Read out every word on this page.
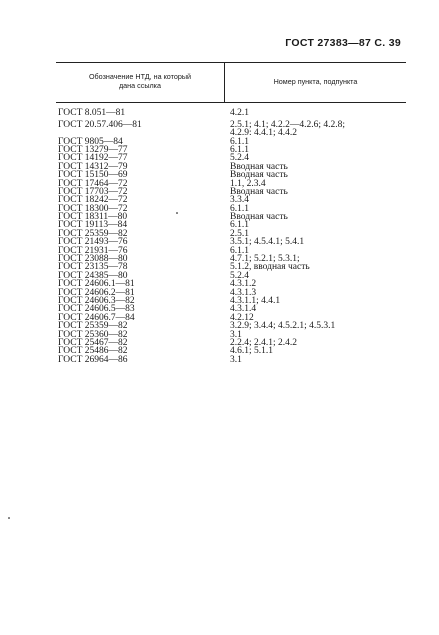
ГОСТ 27383—87 С. 39
Обозначение НТД, на который
дана ссылка	Номер пункта, подпункта
ГОСТ 8.051—81
ГОСТ 20.57.406—81
ГОСТ 9805—84
ГОСТ 13279—77
ГОСТ 14192—77
ГОСТ 14312—79
ГОСТ 15150—69
ГОСТ 17464—72
ГОСТ 17703—72
ГОСТ 18242—72
ГОСТ 18300—72
ГОСТ 18311—80
ГОСТ 19113—84
ГОСТ 25359—82
ГОСТ 21493—76
ГОСТ 21931—76
ГОСТ 23088—80
ГОСТ 23135—78
ГОСТ 24385—80
ГОСТ 24606.1—81
ГОСТ 24606.2—81
ГОСТ 24606.3—82
ГОСТ 24606.5—83
ГОСТ 24606.7—84
ГОСТ 25359—82
ГОСТ 25360—82
ГОСТ 25467—82
ГОСТ 25486—82
ГОСТ 26964—86
4.2.1
2.5.1; 4.1; 4.2.2—4.2.6; 4.2.8;
4.2.9: 4.4.1; 4.4.2
6.1.1
6.1.1
5.2.4
Вводная часть
Вводная часть
1.1, 2.3.4
Вводная часть
3.3.4
6.1.1
Вводная часть
6.1.1
2.5.1
3.5.1; 4.5.4.1; 5.4.1
6.1.1
4.7.1; 5.2.1; 5.3.1;
5.1.2, вводная часть
5.2.4
4.3.1.2
4.3.1.3
4.3.1.1; 4.4.1
4.3.1.4
4.2.12
3.2.9; 3.4.4; 4.5.2.1; 4.5.3.1
3.1
2.2.4; 2.4.1; 2.4.2
4.6.1; 5.1.1
3.1
